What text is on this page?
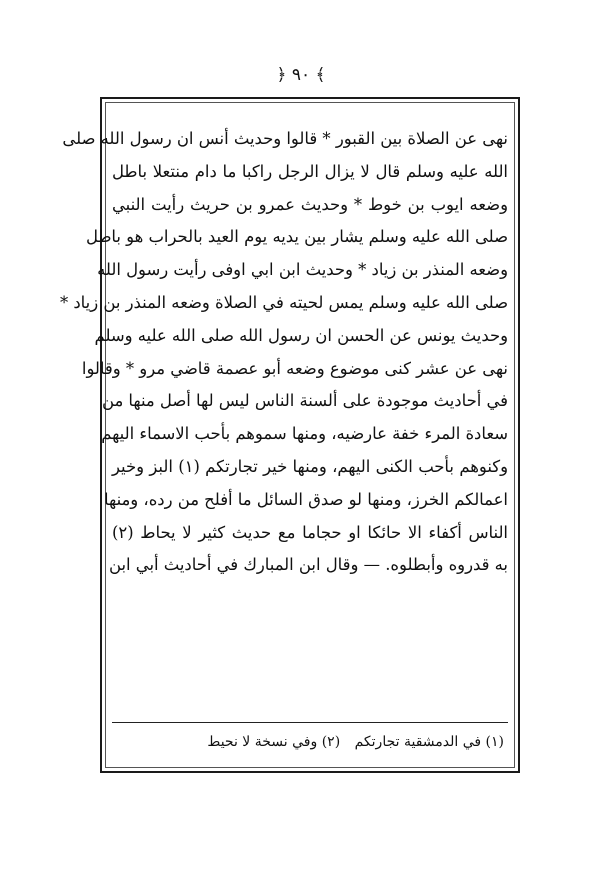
﴿ ٩٠ ﴾
نهى عن الصلاة بين القبور * قالوا وحديث أنس ان رسول الله صلى
الله عليه وسلم قال لا يزال الرجل راكبا ما دام منتعلا باطل
وضعه ايوب بن خوط * وحديث عمرو بن حريث رأيت النبي
صلى الله عليه وسلم يشار بين يديه يوم العيد بالحراب هو باطل
وضعه المنذر بن زياد * وحديث ابن ابي اوفى رأيت رسول الله
صلى الله عليه وسلم يمس لحيته في الصلاة وضعه المنذر بن زياد *
وحديث يونس عن الحسن ان رسول الله صلى الله عليه وسلم
نهى عن عشر كنى موضوع وضعه أبو عصمة قاضي مرو * وقالوا
في أحاديث موجودة على ألسنة الناس ليس لها أصل منها من
سعادة المرء خفة عارضيه، ومنها سموهم بأحب الاسماء اليهم
وكنوهم بأحب الكنى اليهم، ومنها خير تجارتكم (١) البز وخير
اعمالكم الخرز، ومنها لو صدق السائل ما أفلح من رده، ومنها
الناس أكفاء الا حائكا او حجاما مع حديث كثير لا يحاط (٢)
به قدروه وأبطلوه. — وقال ابن المبارك في أحاديث أبي ابن
(١) في الدمشقية تجارتكم (٢) وفي نسخة لا نحيط
